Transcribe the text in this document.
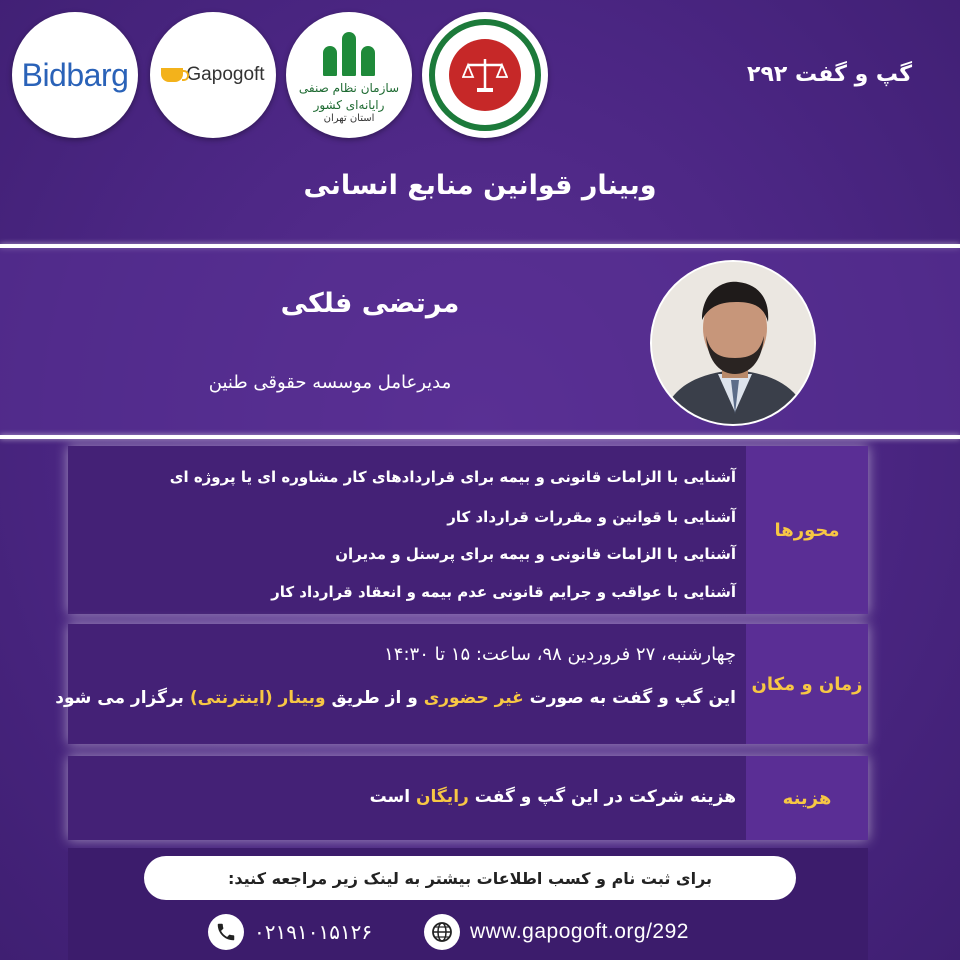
Bidbarg	Gapogoft
سازمان نظام صنفی رایانه‌ای کشور
استان تهران
گپ و گفت ۲۹۲
وبینار قوانین منابع انسانی
مرتضی فلکی
مدیرعامل موسسه حقوقی طنین
محورها
آشنایی با الزامات قانونی و بیمه برای قراردادهای کار مشاوره ای یا پروژه ای
آشنایی با قوانین و مقررات قرارداد کار
آشنایی با الزامات قانونی و بیمه برای پرسنل و مدیران
آشنایی با عواقب و جرایم قانونی عدم بیمه و انعقاد قرارداد کار
زمان و مکان
چهارشنبه، ۲۷ فروردین ۹۸، ساعت: ۱۵ تا ۱۴:۳۰
این گپ و گفت به صورت غیر حضوری و از طریق وبینار (اینترنتی) برگزار می شود
هزینه
هزینه شرکت در این گپ و گفت رایگان است
برای ثبت نام و کسب اطلاعات بیشتر به لینک زیر مراجعه کنید:
۰۲۱۹۱۰۱۵۱۲۶	www.gapogoft.org/292
